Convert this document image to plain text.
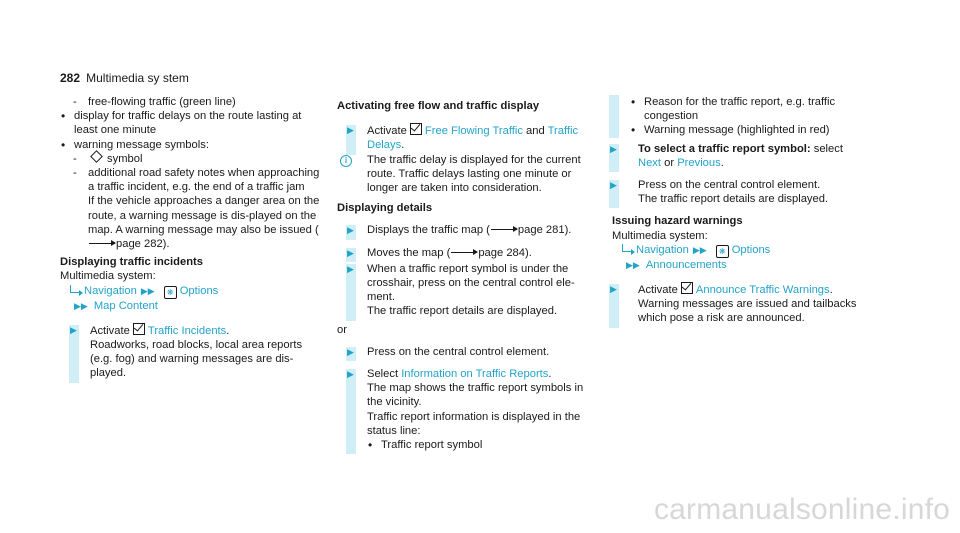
282 Multimedia sy stem
- free-flowing traffic (green line)
• display for traffic delays on the route lasting at least one minute
• warning message symbols:
- symbol
- additional road safety notes when approaching a traffic incident, e.g. the end of a traffic jam
If the vehicle approaches a danger area on the route, a warning message is dis-played on the map. A warning message may also be issued (page 282).
Displaying traffic incidents
Multimedia system:
Navigation ▶▶ ❋ Options
▶▶ Map Content
▶ Activate Traffic Incidents.
Roadworks, road blocks, local area reports (e.g. fog) and warning messages are dis-played.
Activating free flow and traffic display
▶ Activate Free Flowing Traffic and Traffic
Delays.
i	The traffic delay is displayed for the current route. Traffic delays lasting one minute or longer are taken into consideration.
Displaying details
▶ Displays the traffic map (	page 281).
▶ Moves the map (	page 284).
▶ When a traffic report symbol is under the crosshair, press on the central control ele-ment.
The traffic report details are displayed.
or
▶ Press on the central control element.
▶ Select Information on Traffic Reports.
The map shows the traffic report symbols in the vicinity.
Traffic report information is displayed in the status line:
• Traffic report symbol
• Reason for the traffic report, e.g. traffic congestion
• Warning message (highlighted in red)
▶ To select a traffic report symbol: select
Next or Previous.
▶ Press on the central control element.
The traffic report details are displayed.
Issuing hazard warnings
Multimedia system:
Navigation ▶▶ ❋ Options
▶▶ Announcements
▶ Activate Announce Traffic Warnings.
Warning messages are issued and tailbacks which pose a risk are announced.
carmanualsonline.info
